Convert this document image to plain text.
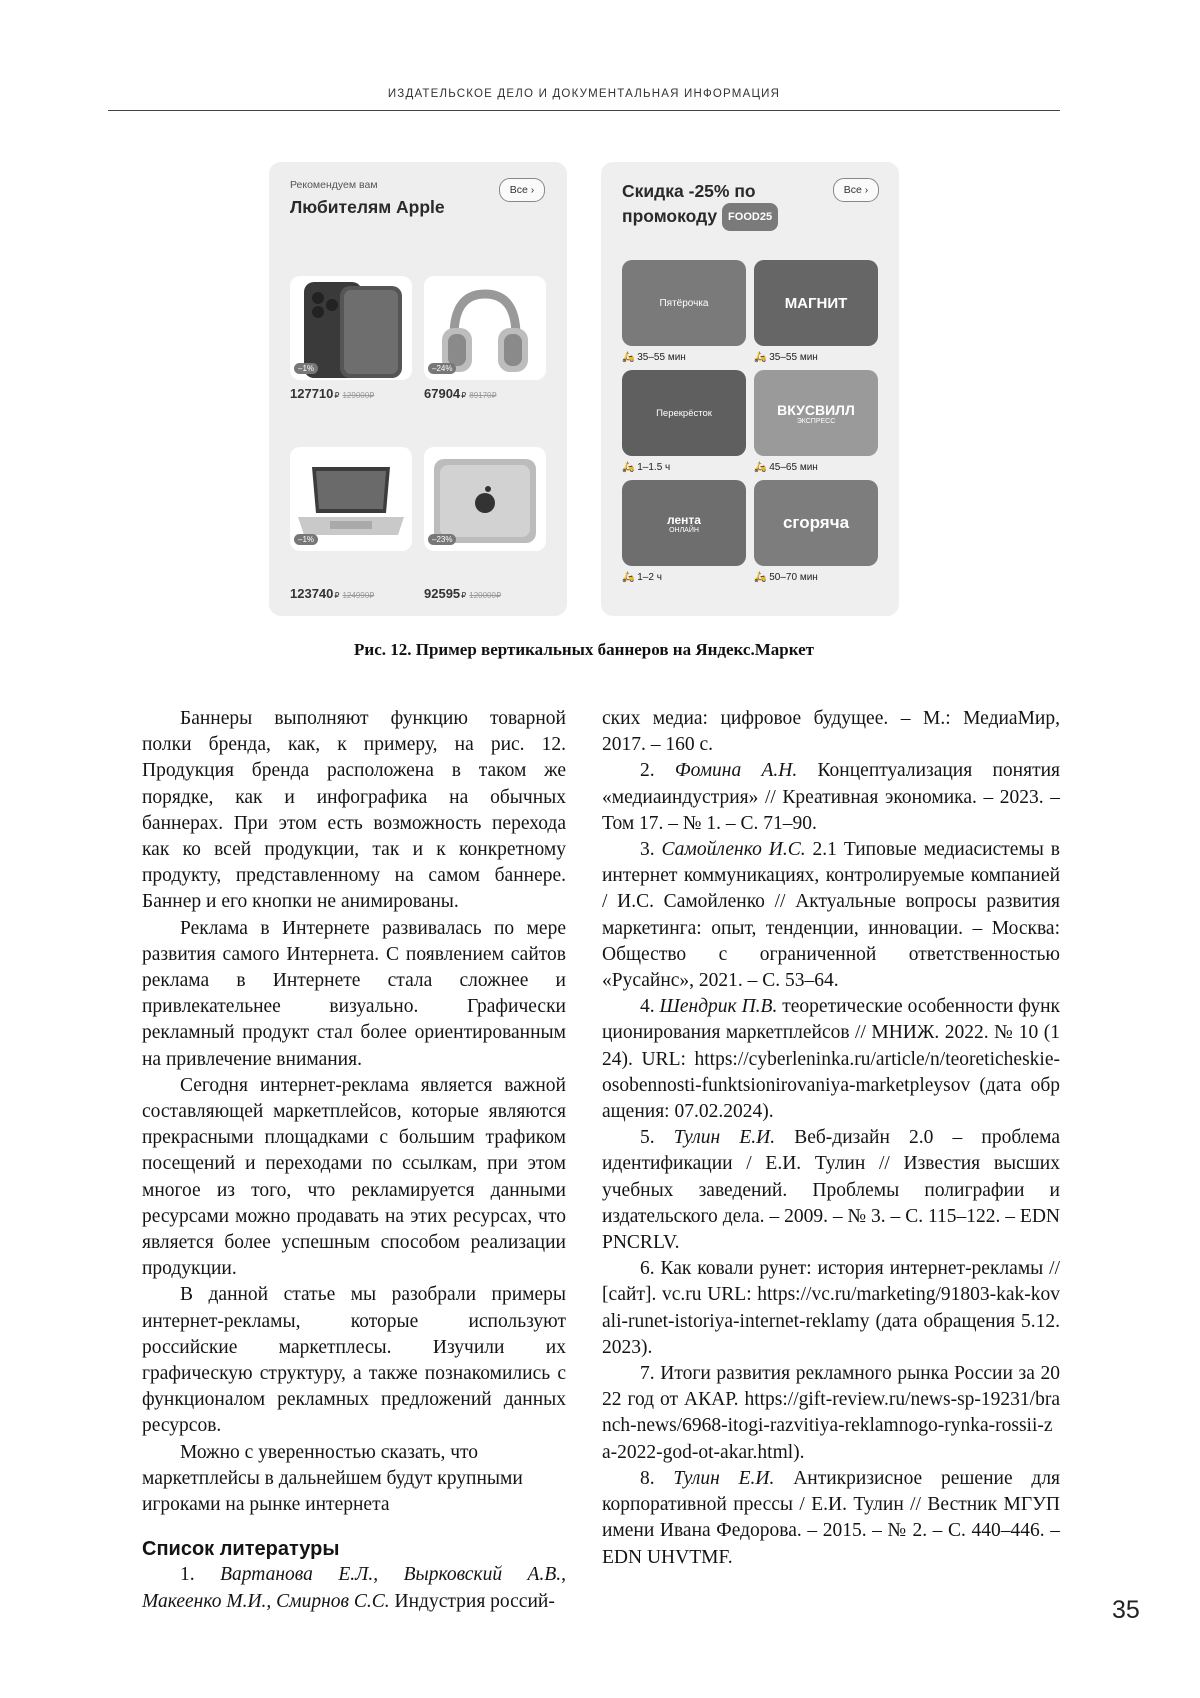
ИЗДАТЕЛЬСКОЕ ДЕЛО И ДОКУМЕНТАЛЬНАЯ ИНФОРМАЦИЯ
Рекомендуем вам
Любителям Apple
Все ›
–1%
127710₽ 129000₽
–24%
67904₽ 89170₽
–1%
123740₽ 124990₽
–23%
92595₽ 120000₽
Скидка -25% по
промокоду FOOD25
Все ›
Пятёрочка
🛵 35–55 мин
МАГНИТ
🛵 35–55 мин
Перекрёсток
🛵 1–1.5 ч
ВКУСВИЛЛ
ЭКСПРЕСС
🛵 45–65 мин
лента
ОНЛАЙН
🛵 1–2 ч
сгоряча
🛵 50–70 мин
Рис. 12. Пример вертикальных баннеров на Яндекс.Маркет

Баннеры выполняют функцию товарной полки бренда, как, к примеру, на рис. 12. Продукция бренда расположена в таком же порядке, как и инфографика на обычных баннерах. При этом есть возможность перехода как ко всей продукции, так и к конкретному продукту, представленному на самом баннере. Баннер и его кнопки не анимированы.

Реклама в Интернете развивалась по мере развития самого Интернета. С появлением сайтов реклама в Интернете стала сложнее и привлекательнее визуально. Графически рекламный продукт стал более ориентированным на привлечение внимания.

Сегодня интернет-реклама является важной составляющей маркетплейсов, которые являются прекрасными площадками с большим трафиком посещений и переходами по ссылкам, при этом многое из того, что рекламируется данными ресурсами можно продавать на этих ресурсах, что является более успешным способом реализации продукции.

В данной статье мы разобрали примеры интернет-рекламы, которые используют российские маркетплесы. Изучили их графическую структуру, а также познакомились с функционалом рекламных предложений данных ресурсов.

Можно с уверенностью сказать, что маркетплейсы в дальнейшем будут крупными игроками на рынке интернета

Список литературы

1. Вартанова Е.Л., Вырковский А.В., Макеенко М.И., Смирнов С.С. Индустрия россий-

ских медиа: цифровое будущее. – М.: МедиаМир, 2017. – 160 с.

2. Фомина А.Н. Концептуализация понятия «медиаиндустрия» // Креативная экономика. – 2023. – Том 17. – № 1. – С. 71–90.

3. Самойленко И.С. 2.1 Типовые медиасистемы в интернет коммуникациях, контролируемые компанией / И.С. Самойленко // Актуальные вопросы развития маркетинга: опыт, тенденции, инновации. – Москва: Общество с ограниченной ответственностью «Русайнс», 2021. – С. 53–64.

4. Шендрик П.В. теоретические особенности функционирования маркетплейсов // МНИЖ. 2022. № 10 (124). URL: https://cyberleninka.ru/article/n/teoreticheskie-osobennosti-funktsionirovaniya-marketpleysov (дата обращения: 07.02.2024).

5. Тулин Е.И. Веб-дизайн 2.0 – проблема идентификации / Е.И. Тулин // Известия высших учебных заведений. Проблемы полиграфии и издательского дела. – 2009. – № 3. – С. 115–122. – EDN PNCRLV.

6. Как ковали рунет: история интернет-рекламы // [сайт]. vc.ru URL: https://vc.ru/marketing/91803-kak-kovali-runet-istoriya-internet-reklamy (дата обращения 5.12.2023).

7. Итоги развития рекламного рынка России за 2022 год от АКАР. https://gift-review.ru/news-sp-19231/branch-news/6968-itogi-razvitiya-reklamnogo-rynka-rossii-za-2022-god-ot-akar.html).

8. Тулин Е.И. Антикризисное решение для корпоративной прессы / Е.И. Тулин // Вестник МГУП имени Ивана Федорова. – 2015. – № 2. – С. 440–446. – EDN UHVTMF.

35
